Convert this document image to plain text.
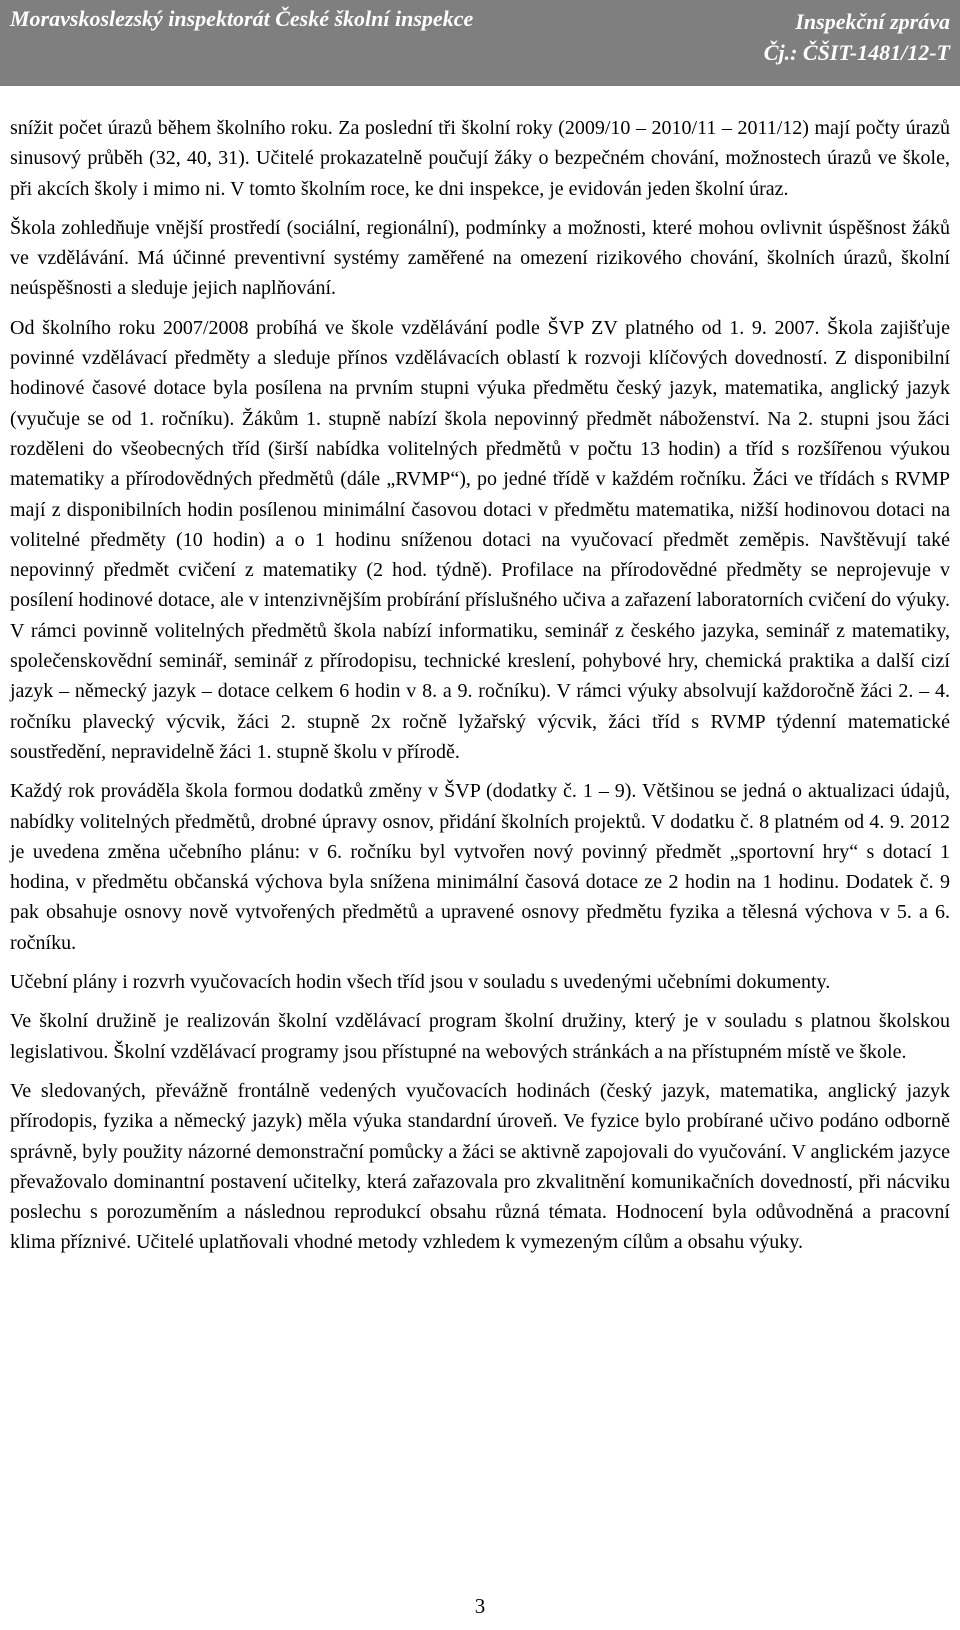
Moravskoslezský inspektorát České školní inspekce	Inspekční zpráva
Čj.: ČŠIT-1481/12-T

snížit počet úrazů během školního roku. Za poslední tři školní roky (2009/10 – 2010/11 – 2011/12) mají počty úrazů sinusový průběh (32, 40, 31). Učitelé prokazatelně poučují žáky o bezpečném chování, možnostech úrazů ve škole, při akcích školy i mimo ni. V tomto školním roce, ke dni inspekce, je evidován jeden školní úraz.

Škola zohledňuje vnější prostředí (sociální, regionální), podmínky a možnosti, které mohou ovlivnit úspěšnost žáků ve vzdělávání. Má účinné preventivní systémy zaměřené na omezení rizikového chování, školních úrazů, školní neúspěšnosti a sleduje jejich naplňování.

Od školního roku 2007/2008 probíhá ve škole vzdělávání podle ŠVP ZV platného od 1. 9. 2007. Škola zajišťuje povinné vzdělávací předměty a sleduje přínos vzdělávacích oblastí k rozvoji klíčových dovedností. Z disponibilní hodinové časové dotace byla posílena na prvním stupni výuka předmětu český jazyk, matematika, anglický jazyk (vyučuje se od 1. ročníku). Žákům 1. stupně nabízí škola nepovinný předmět náboženství. Na 2. stupni jsou žáci rozděleni do všeobecných tříd (širší nabídka volitelných předmětů v počtu 13 hodin) a tříd s rozšířenou výukou matematiky a přírodovědných předmětů (dále „RVMP“), po jedné třídě v každém ročníku. Žáci ve třídách s RVMP mají z disponibilních hodin posílenou minimální časovou dotaci v předmětu matematika, nižší hodinovou dotaci na volitelné předměty (10 hodin) a o 1 hodinu sníženou dotaci na vyučovací předmět zeměpis. Navštěvují také nepovinný předmět cvičení z matematiky (2 hod. týdně). Profilace na přírodovědné předměty se neprojevuje v posílení hodinové dotace, ale v intenzivnějším probírání příslušného učiva a zařazení laboratorních cvičení do výuky. V rámci povinně volitelných předmětů škola nabízí informatiku, seminář z českého jazyka, seminář z matematiky, společenskovědní seminář, seminář z přírodopisu, technické kreslení, pohybové hry, chemická praktika a další cizí jazyk – německý jazyk – dotace celkem 6 hodin v 8. a 9. ročníku). V rámci výuky absolvují každoročně žáci 2. – 4. ročníku plavecký výcvik, žáci 2. stupně 2x ročně lyžařský výcvik, žáci tříd s RVMP týdenní matematické soustředění, nepravidelně žáci 1. stupně školu v přírodě.

Každý rok prováděla škola formou dodatků změny v ŠVP (dodatky č. 1 – 9). Většinou se jedná o aktualizaci údajů, nabídky volitelných předmětů, drobné úpravy osnov, přidání školních projektů. V dodatku č. 8 platném od 4. 9. 2012 je uvedena změna učebního plánu: v 6. ročníku byl vytvořen nový povinný předmět „sportovní hry“ s dotací 1 hodina, v předmětu občanská výchova byla snížena minimální časová dotace ze 2 hodin na 1 hodinu. Dodatek č. 9 pak obsahuje osnovy nově vytvořených předmětů a upravené osnovy předmětu fyzika a tělesná výchova v 5. a 6. ročníku.

Učební plány i rozvrh vyučovacích hodin všech tříd jsou v souladu s uvedenými učebními dokumenty.

Ve školní družině je realizován školní vzdělávací program školní družiny, který je v souladu s platnou školskou legislativou. Školní vzdělávací programy jsou přístupné na webových stránkách a na přístupném místě ve škole.

Ve sledovaných, převážně frontálně vedených vyučovacích hodinách (český jazyk, matematika, anglický jazyk přírodopis, fyzika a německý jazyk) měla výuka standardní úroveň. Ve fyzice bylo probírané učivo podáno odborně správně, byly použity názorné demonstrační pomůcky a žáci se aktivně zapojovali do vyučování. V anglickém jazyce převažovalo dominantní postavení učitelky, která zařazovala pro zkvalitnění komunikačních dovedností, při nácviku poslechu s porozuměním a následnou reprodukcí obsahu různá témata. Hodnocení byla odůvodněná a pracovní klima příznivé. Učitelé uplatňovali vhodné metody vzhledem k vymezeným cílům a obsahu výuky.

3
